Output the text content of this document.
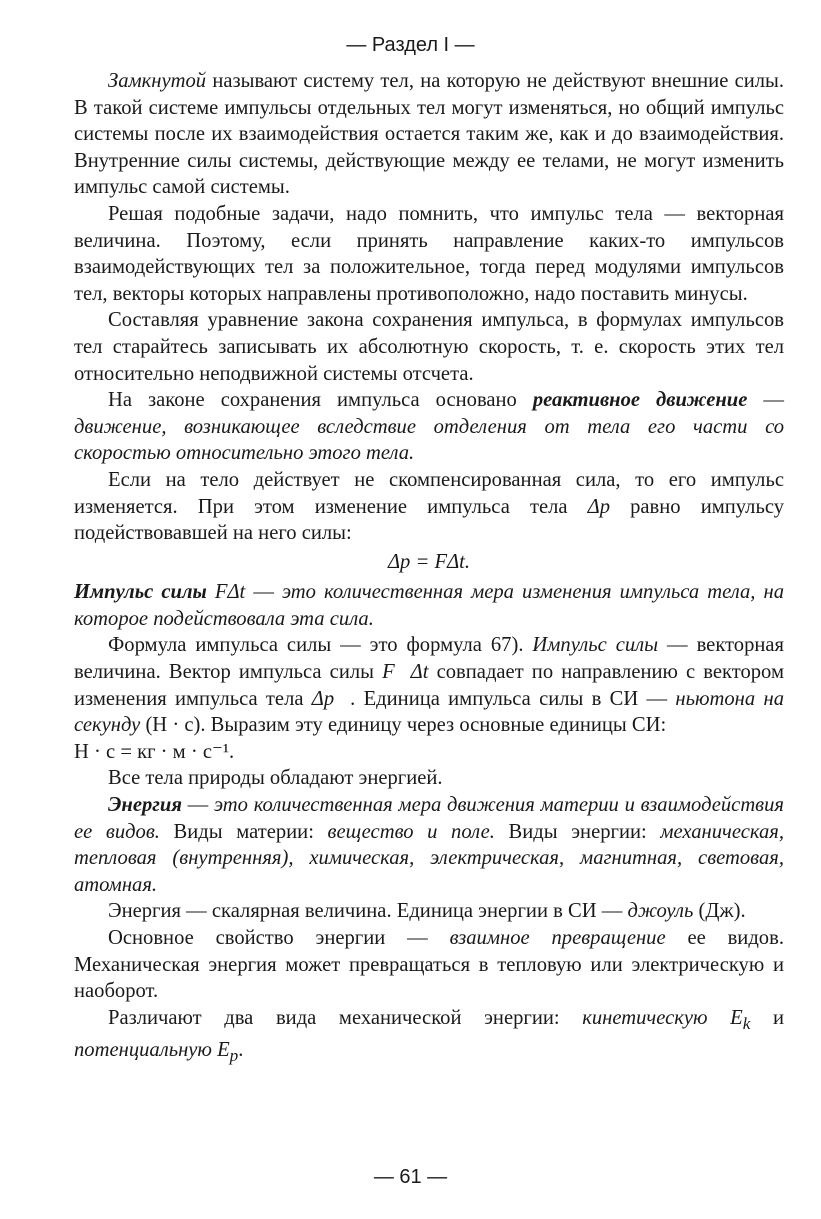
— Раздел I —

Замкнутой называют систему тел, на которую не действуют внешние силы. В такой системе импульсы отдельных тел могут изменяться, но общий импульс системы после их взаимодействия остается таким же, как и до взаимодействия. Внутренние силы системы, действующие между ее телами, не могут изменить импульс самой системы.

Решая подобные задачи, надо помнить, что импульс тела — векторная величина. Поэтому, если принять направление каких-то импульсов взаимодействующих тел за положительное, тогда перед модулями импульсов тел, векторы которых направлены противоположно, надо поставить минусы.

Составляя уравнение закона сохранения импульса, в формулах импульсов тел старайтесь записывать их абсолютную скорость, т. е. скорость этих тел относительно неподвижной системы отсчета.

На законе сохранения импульса основано реактивное движение — движение, возникающее вследствие отделения от тела его части со скоростью относительно этого тела.

Если на тело действует не скомпенсированная сила, то его импульс изменяется. При этом изменение импульса тела Δp равно импульсу подействовавшей на него силы:

Δp = FΔt.

Импульс силы FΔt — это количественная мера изменения импульса тела, на которое подействовала эта сила.

Формула импульса силы — это формула 67). Импульс силы — векторная величина. Вектор импульса силы F⃗Δt совпадает по направлению с вектором изменения импульса тела Δp⃗. Единица импульса силы в СИ — ньютона на секунду (Н · с). Выразим эту единицу через основные единицы СИ:

Н · с = кг · м · с⁻¹.

Все тела природы обладают энергией.

Энергия — это количественная мера движения материи и взаимодействия ее видов. Виды материи: вещество и поле. Виды энергии: механическая, тепловая (внутренняя), химическая, электрическая, магнитная, световая, атомная.

Энергия — скалярная величина. Единица энергии в СИ — джоуль (Дж).

Основное свойство энергии — взаимное превращение ее видов. Механическая энергия может превращаться в тепловую или электрическую и наоборот.

Различают два вида механической энергии: кинетическую $E_k$ и потенциальную $E_p$.

— 61 —
